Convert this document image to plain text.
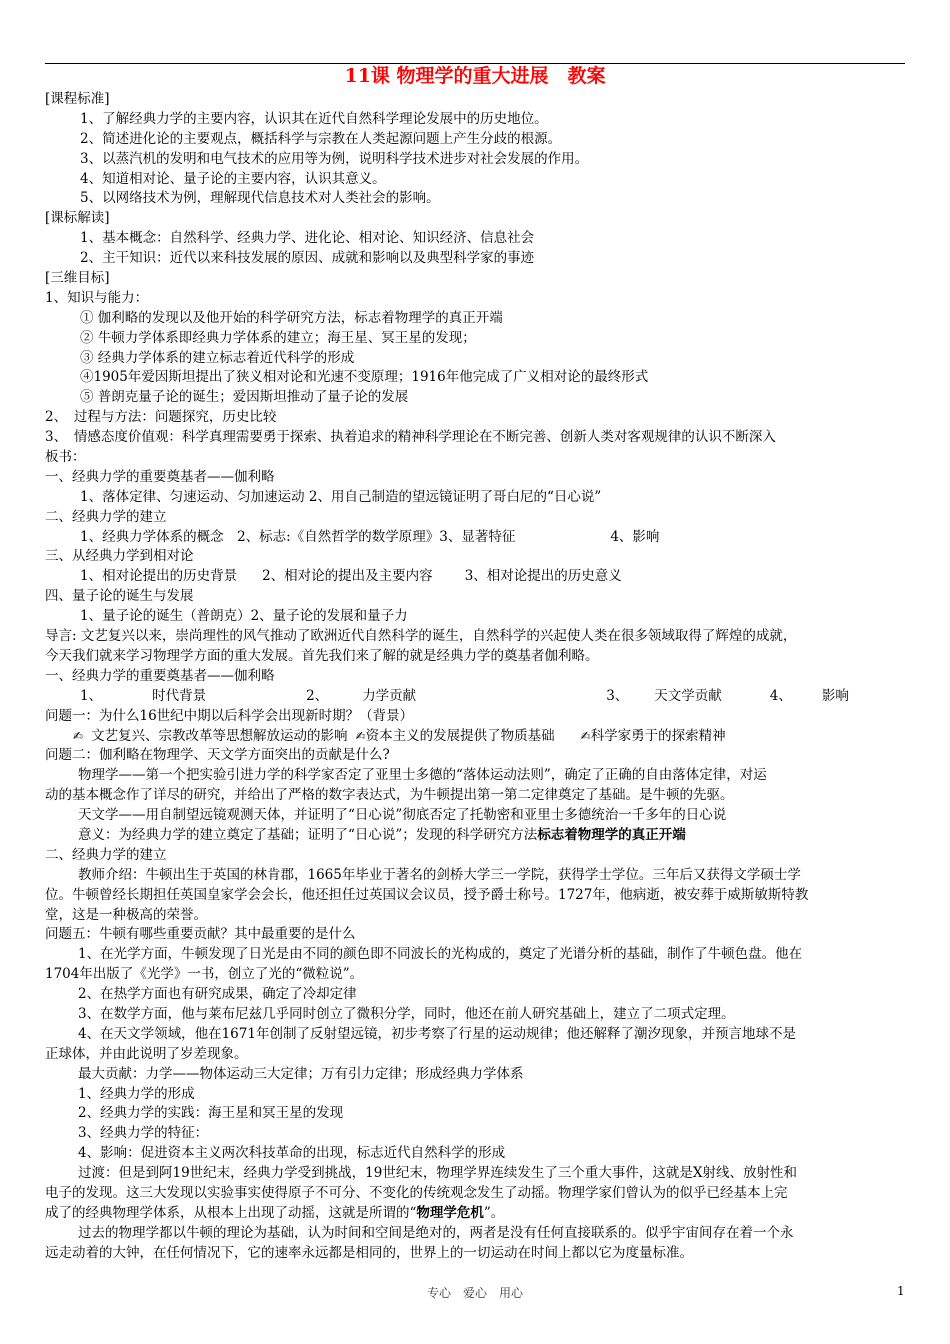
11课 物理学的重大进展　教案
[课程标准]
1、了解经典力学的主要内容，认识其在近代自然科学理论发展中的历史地位。
2、简述进化论的主要观点，概括科学与宗教在人类起源问题上产生分歧的根源。
3、以蒸汽机的发明和电气技术的应用等为例，说明科学技术进步对社会发展的作用。
4、知道相对论、量子论的主要内容，认识其意义。
5、以网络技术为例，理解现代信息技术对人类社会的影响。
[课标解读]
1、基本概念：自然科学、经典力学、进化论、相对论、知识经济、信息社会
2、主干知识：近代以来科技发展的原因、成就和影响以及典型科学家的事迹
[三维目标]
1、知识与能力：
① 伽利略的发现以及他开始的科学研究方法，标志着物理学的真正开端
② 牛顿力学体系即经典力学体系的建立；海王星、冥王星的发现；
③ 经典力学体系的建立标志着近代科学的形成
④1905年爱因斯坦提出了狭义相对论和光速不变原理；1916年他完成了广义相对论的最终形式
⑤ 普朗克量子论的诞生；爱因斯坦推动了量子论的发展
2、　过程与方法：问题探究，历史比较
3、　情感态度价值观：科学真理需要勇于探索、执着追求的精神科学理论在不断完善、创新人类对客观规律的认识不断深入
板书：
一、经典力学的重要奠基者——伽利略
1、落体定律、匀速运动、匀加速运动 2、用自己制造的望远镜证明了哥白尼的“日心说”
二、经典力学的建立
1、经典力学体系的概念　2、标志:《自然哲学的数学原理》3、显著特征	4、影响
三、从经典力学到相对论
1、相对论提出的历史背景 2、相对论的提出及主要内容 3、相对论提出的历史意义
四、量子论的诞生与发展
1、量子论的诞生（普朗克）2、量子论的发展和量子力
导言: 文艺复兴以来，崇尚理性的风气推动了欧洲近代自然科学的诞生，自然科学的兴起使人类在很多领域取得了辉煌的成就，
今天我们就来学习物理学方面的重大发展。首先我们来了解的就是经典力学的奠基者伽利略。
一、经典力学的重要奠基者——伽利略
1、	时代背景	2、	力学贡献	3、 天文学贡献	4、 影响
问题一：为什么16世纪中期以后科学会出现新时期？（背景）
✍ 文艺复兴、宗教改革等思想解放运动的影响 ✍资本主义的发展提供了物质基础 ✍科学家勇于的探索精神
问题二：伽利略在物理学、天文学方面突出的贡献是什么?
物理学——第一个把实验引进力学的科学家否定了亚里士多德的“落体运动法则”，确定了正确的自由落体定律，对运
动的基本概念作了详尽的研究，并给出了严格的数字表达式，为牛顿提出第一第二定律奠定了基础。是牛顿的先驱。
天文学——用自制望远镜观测天体，并证明了“日心说”彻底否定了托勒密和亚里士多德统治一千多年的日心说
意义：为经典力学的建立奠定了基础；证明了“日心说”；发现的科学研究方法标志着物理学的真正开端
二、经典力学的建立
教师介绍：牛顿出生于英国的林肯郡，1665年毕业于著名的剑桥大学三一学院，获得学士学位。三年后又获得文学硕士学
位。牛顿曾经长期担任英国皇家学会会长，他还担任过英国议会议员，授予爵士称号。1727年，他病逝，被安葬于威斯敏斯特教
堂，这是一种极高的荣誉。
问题五：牛顿有哪些重要贡献？其中最重要的是什么
1、在光学方面，牛顿发现了日光是由不同的颜色即不同波长的光构成的，奠定了光谱分析的基础，制作了牛顿色盘。他在
1704年出版了《光学》一书，创立了光的“微粒说”。
2、在热学方面也有研究成果，确定了冷却定律
3、在数学方面，他与莱布尼兹几乎同时创立了微积分学，同时，他还在前人研究基础上，建立了二项式定理。
4、在天文学领域，他在1671年创制了反射望远镜，初步考察了行星的运动规律；他还解释了潮汐现象，并预言地球不是
正球体，并由此说明了岁差现象。
最大贡献：力学——物体运动三大定律；万有引力定律；形成经典力学体系
1、经典力学的形成
2、经典力学的实践：海王星和冥王星的发现
3、经典力学的特征：
4、影响：促进资本主义两次科技革命的出现，标志近代自然科学的形成
过渡：但是到阿19世纪末，经典力学受到挑战，19世纪末，物理学界连续发生了三个重大事件，这就是X射线、放射性和
电子的发现。这三大发现以实验事实使得原子不可分、不变化的传统观念发生了动摇。物理学家们曾认为的似乎已经基本上完
成了的经典物理学体系，从根本上出现了动摇，这就是所谓的“物理学危机”。
过去的物理学都以牛顿的理论为基础，认为时间和空间是绝对的，两者是没有任何直接联系的。似乎宇宙间存在着一个永
远走动着的大钟，在任何情况下，它的速率永远都是相同的，世界上的一切运动在时间上都以它为度量标准。
专心　爱心　用心	1
